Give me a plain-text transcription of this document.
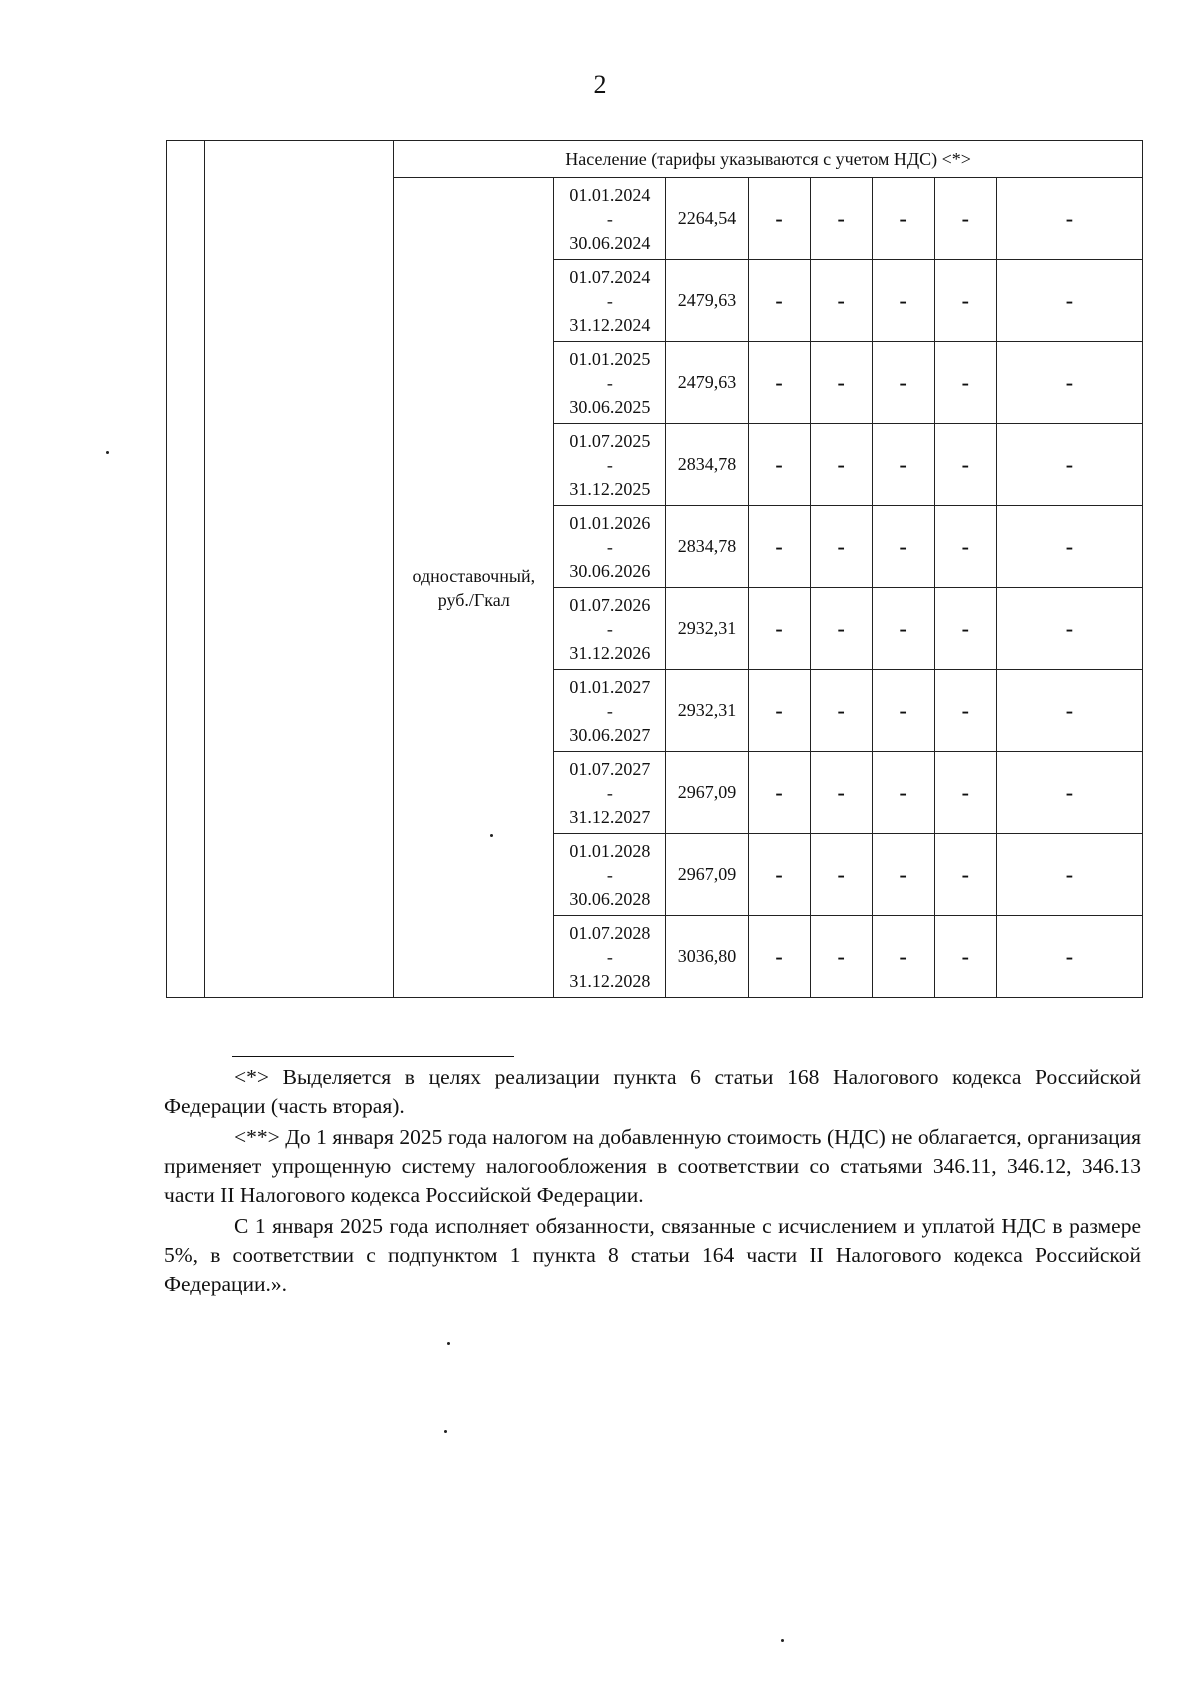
2
		Население (тарифы указываются с учетом НДС) <*>							
		одноставочный, руб./Гкал	01.01.2024
-
30.06.2024	2264,54	-	-	-	-	-

			01.07.2024
-
31.12.2024	2479,63	-	-	-	-	-

			01.01.2025
-
30.06.2025	2479,63	-	-	-	-	-

			01.07.2025
-
31.12.2025	2834,78	-	-	-	-	-

			01.01.2026
-
30.06.2026	2834,78	-	-	-	-	-

			01.07.2026
-
31.12.2026	2932,31	-	-	-	-	-

			01.01.2027
-
30.06.2027	2932,31	-	-	-	-	-

			01.07.2027
-
31.12.2027	2967,09	-	-	-	-	-

			01.01.2028
-
30.06.2028	2967,09	-	-	-	-	-

			01.07.2028
-
31.12.2028	3036,80	-	-	-	-	-

<*> Выделяется в целях реализации пункта 6 статьи 168 Налогового кодекса Российской Федерации (часть вторая).

<**> До 1 января 2025 года налогом на добавленную стоимость (НДС) не облагается, организация применяет упрощенную систему налогообложения в соответствии со статьями 346.11, 346.12, 346.13 части II Налогового кодекса Российской Федерации.

С 1 января 2025 года исполняет обязанности, связанные с исчислением и уплатой НДС в размере 5%, в соответствии с подпунктом 1 пункта 8 статьи 164 части II Налогового кодекса Российской Федерации.».
